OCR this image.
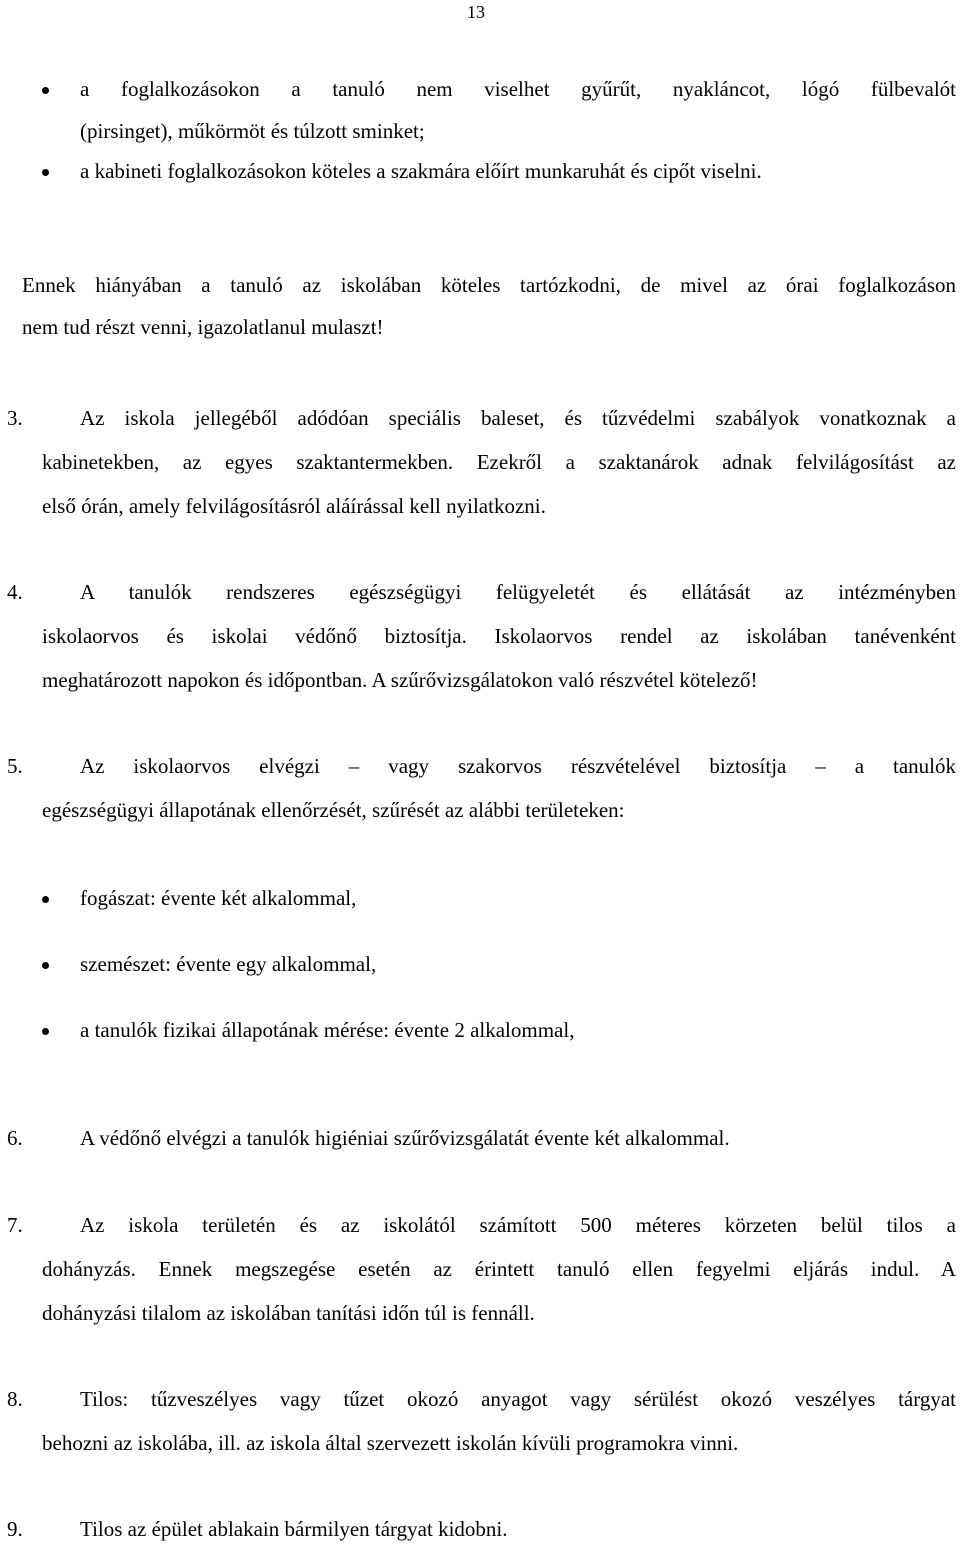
13
a foglalkozásokon a tanuló nem viselhet gyűrűt, nyakláncot, lógó fülbevalót
(pirsinget), műkörmöt és túlzott sminket;
a kabineti foglalkozásokon köteles a szakmára előírt munkaruhát és cipőt viselni.
Ennek hiányában a tanuló az iskolában köteles tartózkodni, de mivel az órai foglalkozáson
nem tud részt venni, igazolatlanul mulaszt!
3.	Az iskola jellegéből adódóan speciális baleset, és tűzvédelmi szabályok vonatkoznak a
kabinetekben, az egyes szaktantermekben. Ezekről a szaktanárok adnak felvilágosítást az
első órán, amely felvilágosításról aláírással kell nyilatkozni.
4.	A tanulók rendszeres egészségügyi felügyeletét és ellátását az intézményben
iskolaorvos és iskolai védőnő biztosítja. Iskolaorvos rendel az iskolában tanévenként
meghatározott napokon és időpontban. A szűrővizsgálatokon való részvétel kötelező!
5.	Az iskolaorvos elvégzi – vagy szakorvos részvételével biztosítja – a tanulók
egészségügyi állapotának ellenőrzését, szűrését az alábbi területeken:
fogászat: évente két alkalommal,
szemészet: évente egy alkalommal,
a tanulók fizikai állapotának mérése: évente 2 alkalommal,
6.	A védőnő elvégzi a tanulók higiéniai szűrővizsgálatát évente két alkalommal.
7.	Az iskola területén és az iskolától számított 500 méteres körzeten belül tilos a
dohányzás. Ennek megszegése esetén az érintett tanuló ellen fegyelmi eljárás indul. A
dohányzási tilalom az iskolában tanítási időn túl is fennáll.
8.	Tilos: tűzveszélyes vagy tűzet okozó anyagot vagy sérülést okozó veszélyes tárgyat
behozni az iskolába, ill. az iskola által szervezett iskolán kívüli programokra vinni.
9.	Tilos az épület ablakain bármilyen tárgyat kidobni.
